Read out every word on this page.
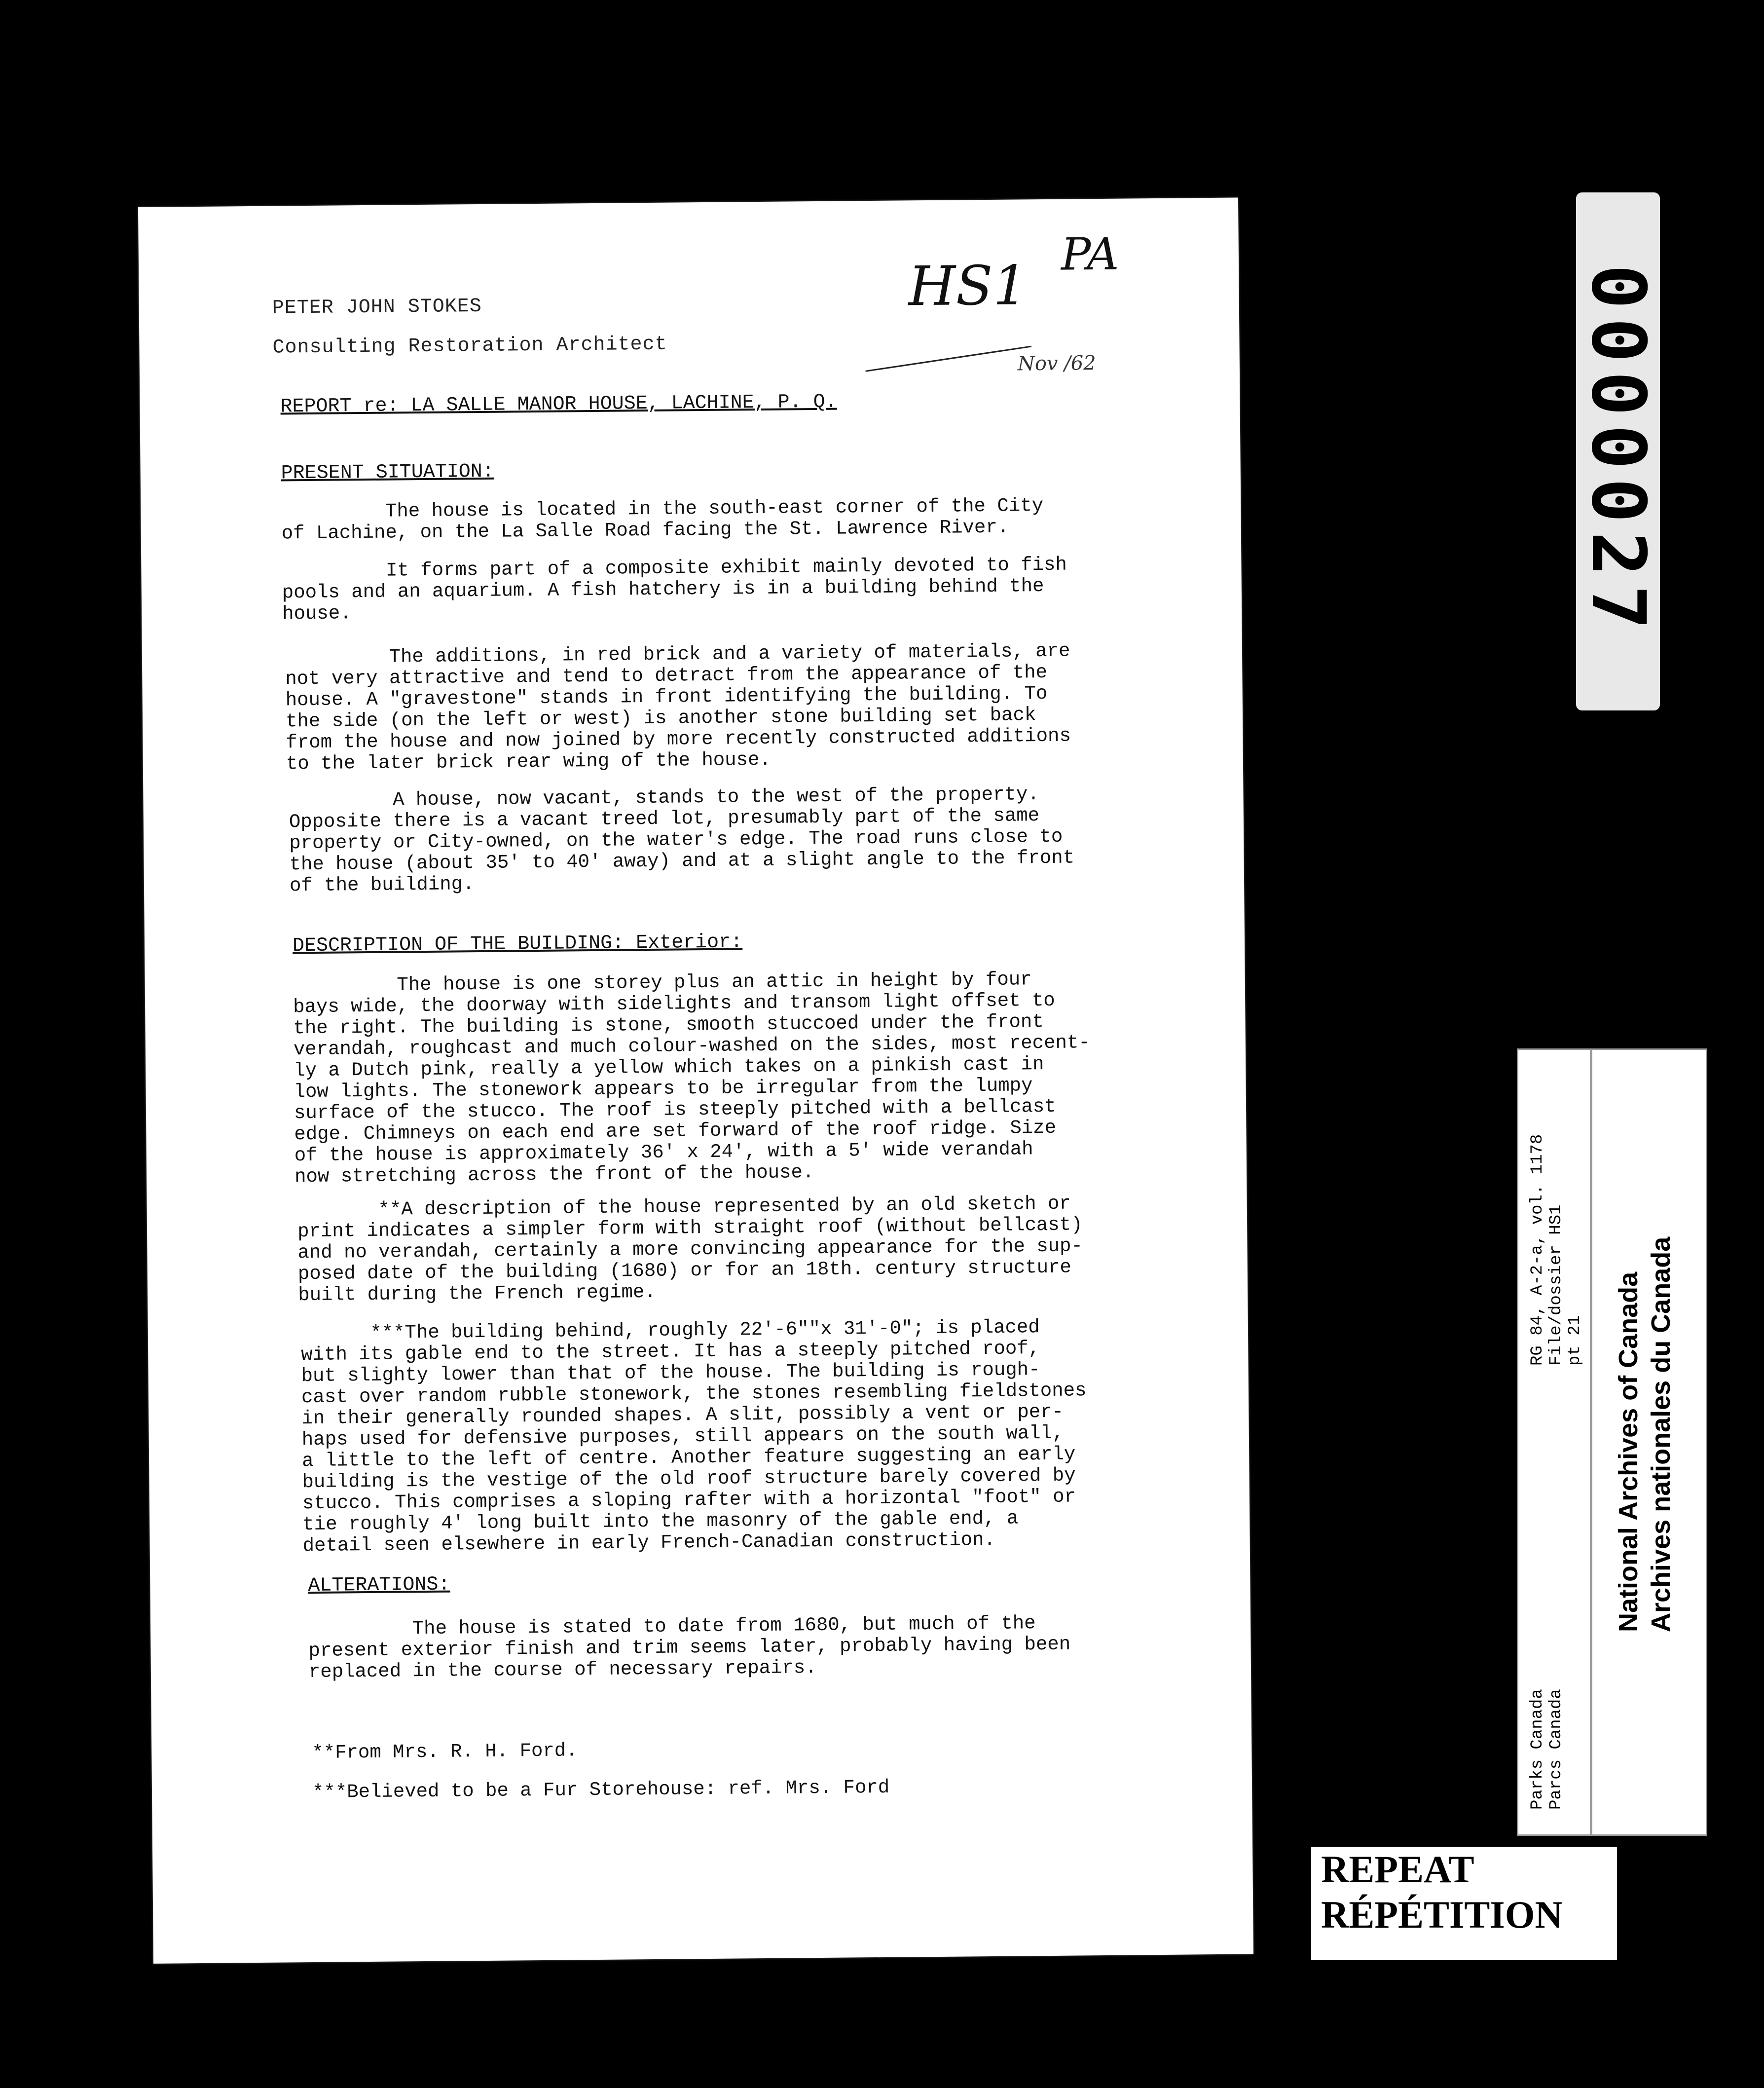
PETER JOHN STOKES
Consulting Restoration Architect
HS1 PA
Nov /62
REPORT re: LA SALLE MANOR HOUSE, LACHINE, P. Q.
PRESENT SITUATION:
The house is located in the south-east corner of the City
of Lachine, on the La Salle Road facing the St. Lawrence River.
It forms part of a composite exhibit mainly devoted to fish
pools and an aquarium. A fish hatchery is in a building behind the
house.
The additions, in red brick and a variety of materials, are
not very attractive and tend to detract from the appearance of the
house. A "gravestone" stands in front identifying the building. To
the side (on the left or west) is another stone building set back
from the house and now joined by more recently constructed additions
to the later brick rear wing of the house.
A house, now vacant, stands to the west of the property.
Opposite there is a vacant treed lot, presumably part of the same
property or City-owned, on the water's edge. The road runs close to
the house (about 35' to 40' away) and at a slight angle to the front
of the building.
DESCRIPTION OF THE BUILDING: Exterior:
The house is one storey plus an attic in height by four
bays wide, the doorway with sidelights and transom light offset to
the right. The building is stone, smooth stuccoed under the front
verandah, roughcast and much colour-washed on the sides, most recent-
ly a Dutch pink, really a yellow which takes on a pinkish cast in
low lights. The stonework appears to be irregular from the lumpy
surface of the stucco. The roof is steeply pitched with a bellcast
edge. Chimneys on each end are set forward of the roof ridge. Size
of the house is approximately 36' x 24', with a 5' wide verandah
now stretching across the front of the house.
**A description of the house represented by an old sketch or
print indicates a simpler form with straight roof (without bellcast)
and no verandah, certainly a more convincing appearance for the sup-
posed date of the building (1680) or for an 18th. century structure
built during the French regime.
***The building behind, roughly 22'-6""x 31'-0"; is placed
with its gable end to the street. It has a steeply pitched roof,
but slighty lower than that of the house. The building is rough-
cast over random rubble stonework, the stones resembling fieldstones
in their generally rounded shapes. A slit, possibly a vent or per-
haps used for defensive purposes, still appears on the south wall,
a little to the left of centre. Another feature suggesting an early
building is the vestige of the old roof structure barely covered by
stucco. This comprises a sloping rafter with a horizontal "foot" or
tie roughly 4' long built into the masonry of the gable end, a
detail seen elsewhere in early French-Canadian construction.
ALTERATIONS:
The house is stated to date from 1680, but much of the
present exterior finish and trim seems later, probably having been
replaced in the course of necessary repairs.
**From Mrs. R. H. Ford.
***Believed to be a Fur Storehouse: ref. Mrs. Ford
0000027
Parks Canada Parcs Canada
RG 84, A-2-a, vol. 1178 File/dossier HS1 pt 21 National Archives of Canada Archives nationales du Canada
REPEAT
RÉPÉTITION
